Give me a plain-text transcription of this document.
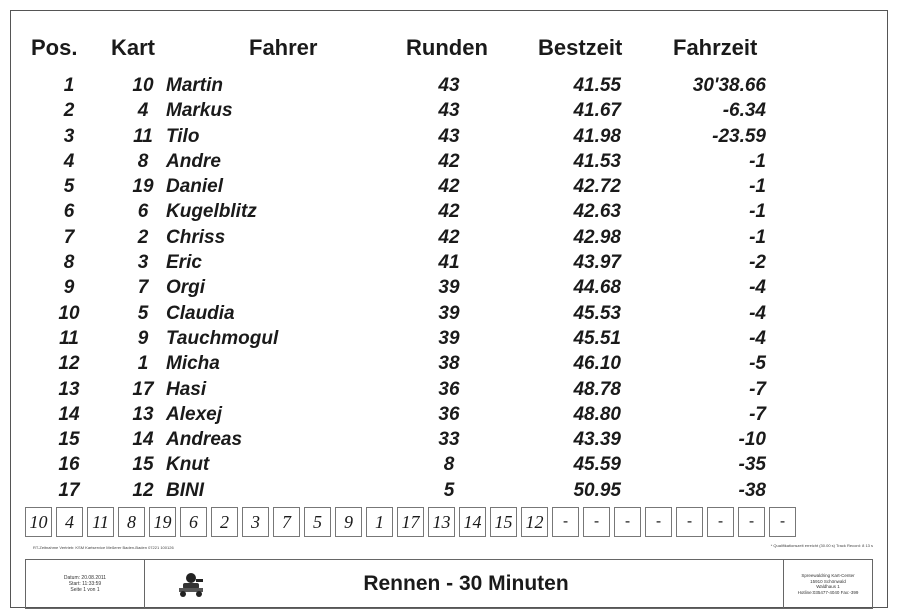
Pos. Kart	Fahrer	Runden Bestzeit Fahrzeit
1	10 Martin	43	41.55	30'38.66
2	4 Markus	43	41.67	-6.34
3	11 Tilo	43	41.98	-23.59
4	8 Andre	42	41.53	-1
5	19 Daniel	42	42.72	-1
6	6 Kugelblitz	42	42.63	-1
7	2 Chriss	42	42.98	-1
8	3 Eric	41	43.97	-2
9	7 Orgi	39	44.68	-4
10	5 Claudia	39	45.53	-4
11	9 Tauchmogul	39	45.51	-4
12	1 Micha	38	46.10	-5
13	17 Hasi	36	48.78	-7
14	13 Alexej	36	48.80	-7
15	14 Andreas	33	43.39	-10
16	15 Knut	8	45.59	-35
17	12 BINI	5	50.95	-38
10 4	11	8 19 6	2	3	7	5	9	1 17 13 14 15 12	-	-	-	-	-	-	-	-
RT-Zeitnahme Vertrieb: KSM Kartservice Meßerer Baden-Baden 07221 100126	* Qualifikationszeit erreicht (30.00 s) Track Record: 8 13 s
Datum: 20.08.2011
Start: 11:33:59
Seite 1 von 1	Rennen - 30 Minuten	Spreewaldring Kart-Center
15910 Schönwald
Waldhaus 1
Hotline:035477-4040 Fax:-399
